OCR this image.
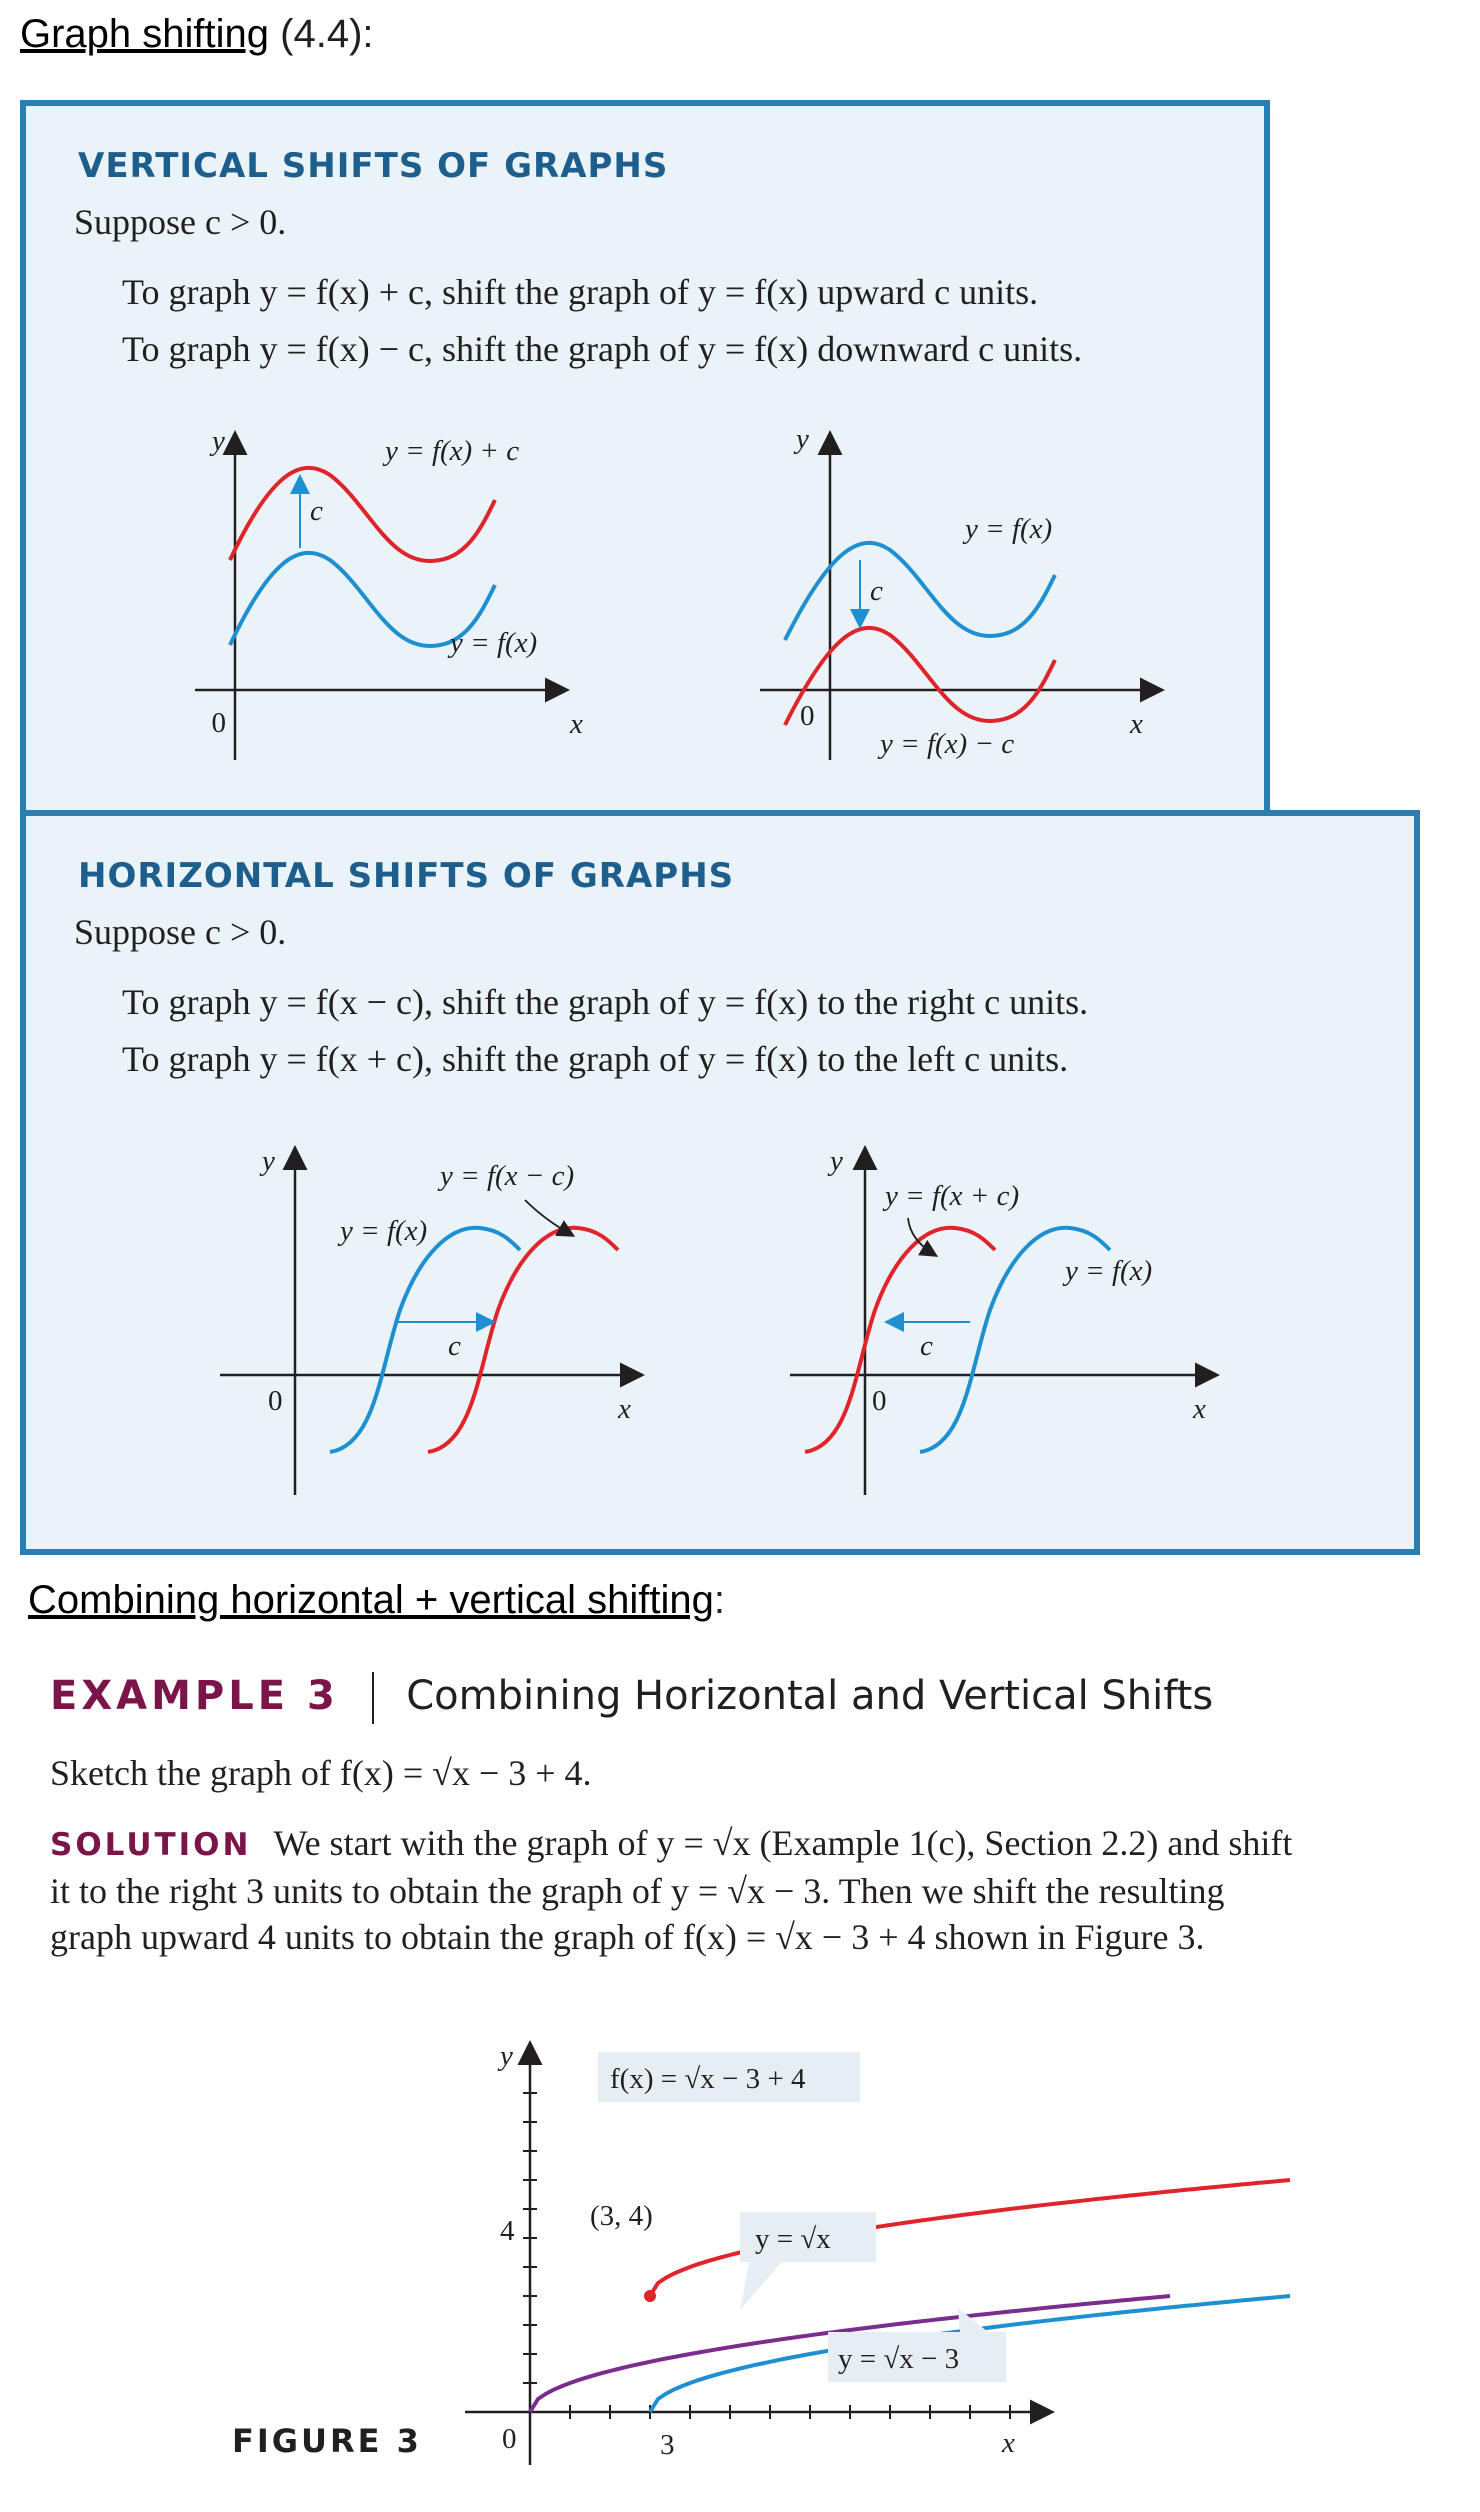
Graph shifting (4.4):
VERTICAL SHIFTS OF GRAPHS
Suppose c > 0.
To graph y = f(x) + c, shift the graph of y = f(x) upward c units.
To graph y = f(x) − c, shift the graph of y = f(x) downward c units.
y
x
0
c
y = f(x) + c
y = f(x)
y
x
0
c
y = f(x)
y = f(x) − c
HORIZONTAL SHIFTS OF GRAPHS
Suppose c > 0.
To graph y = f(x − c), shift the graph of y = f(x) to the right c units.
To graph y = f(x + c), shift the graph of y = f(x) to the left c units.
y
x
0
c
y = f(x − c)
y = f(x)
y
x
0
c
y = f(x + c)
y = f(x)
Combining horizontal + vertical shifting:
EXAMPLE 3 Combining Horizontal and Vertical Shifts
Sketch the graph of f(x) = √x − 3 + 4.
SOLUTION We start with the graph of y = √x (Example 1(c), Section 2.2) and shift
it to the right 3 units to obtain the graph of y = √x − 3. Then we shift the resulting
graph upward 4 units to obtain the graph of f(x) = √x − 3 + 4 shown in Figure 3.
y
x
0
4
3
(3, 4)
f(x) = √x − 3 + 4
y = √x
y = √x − 3
FIGURE 3
